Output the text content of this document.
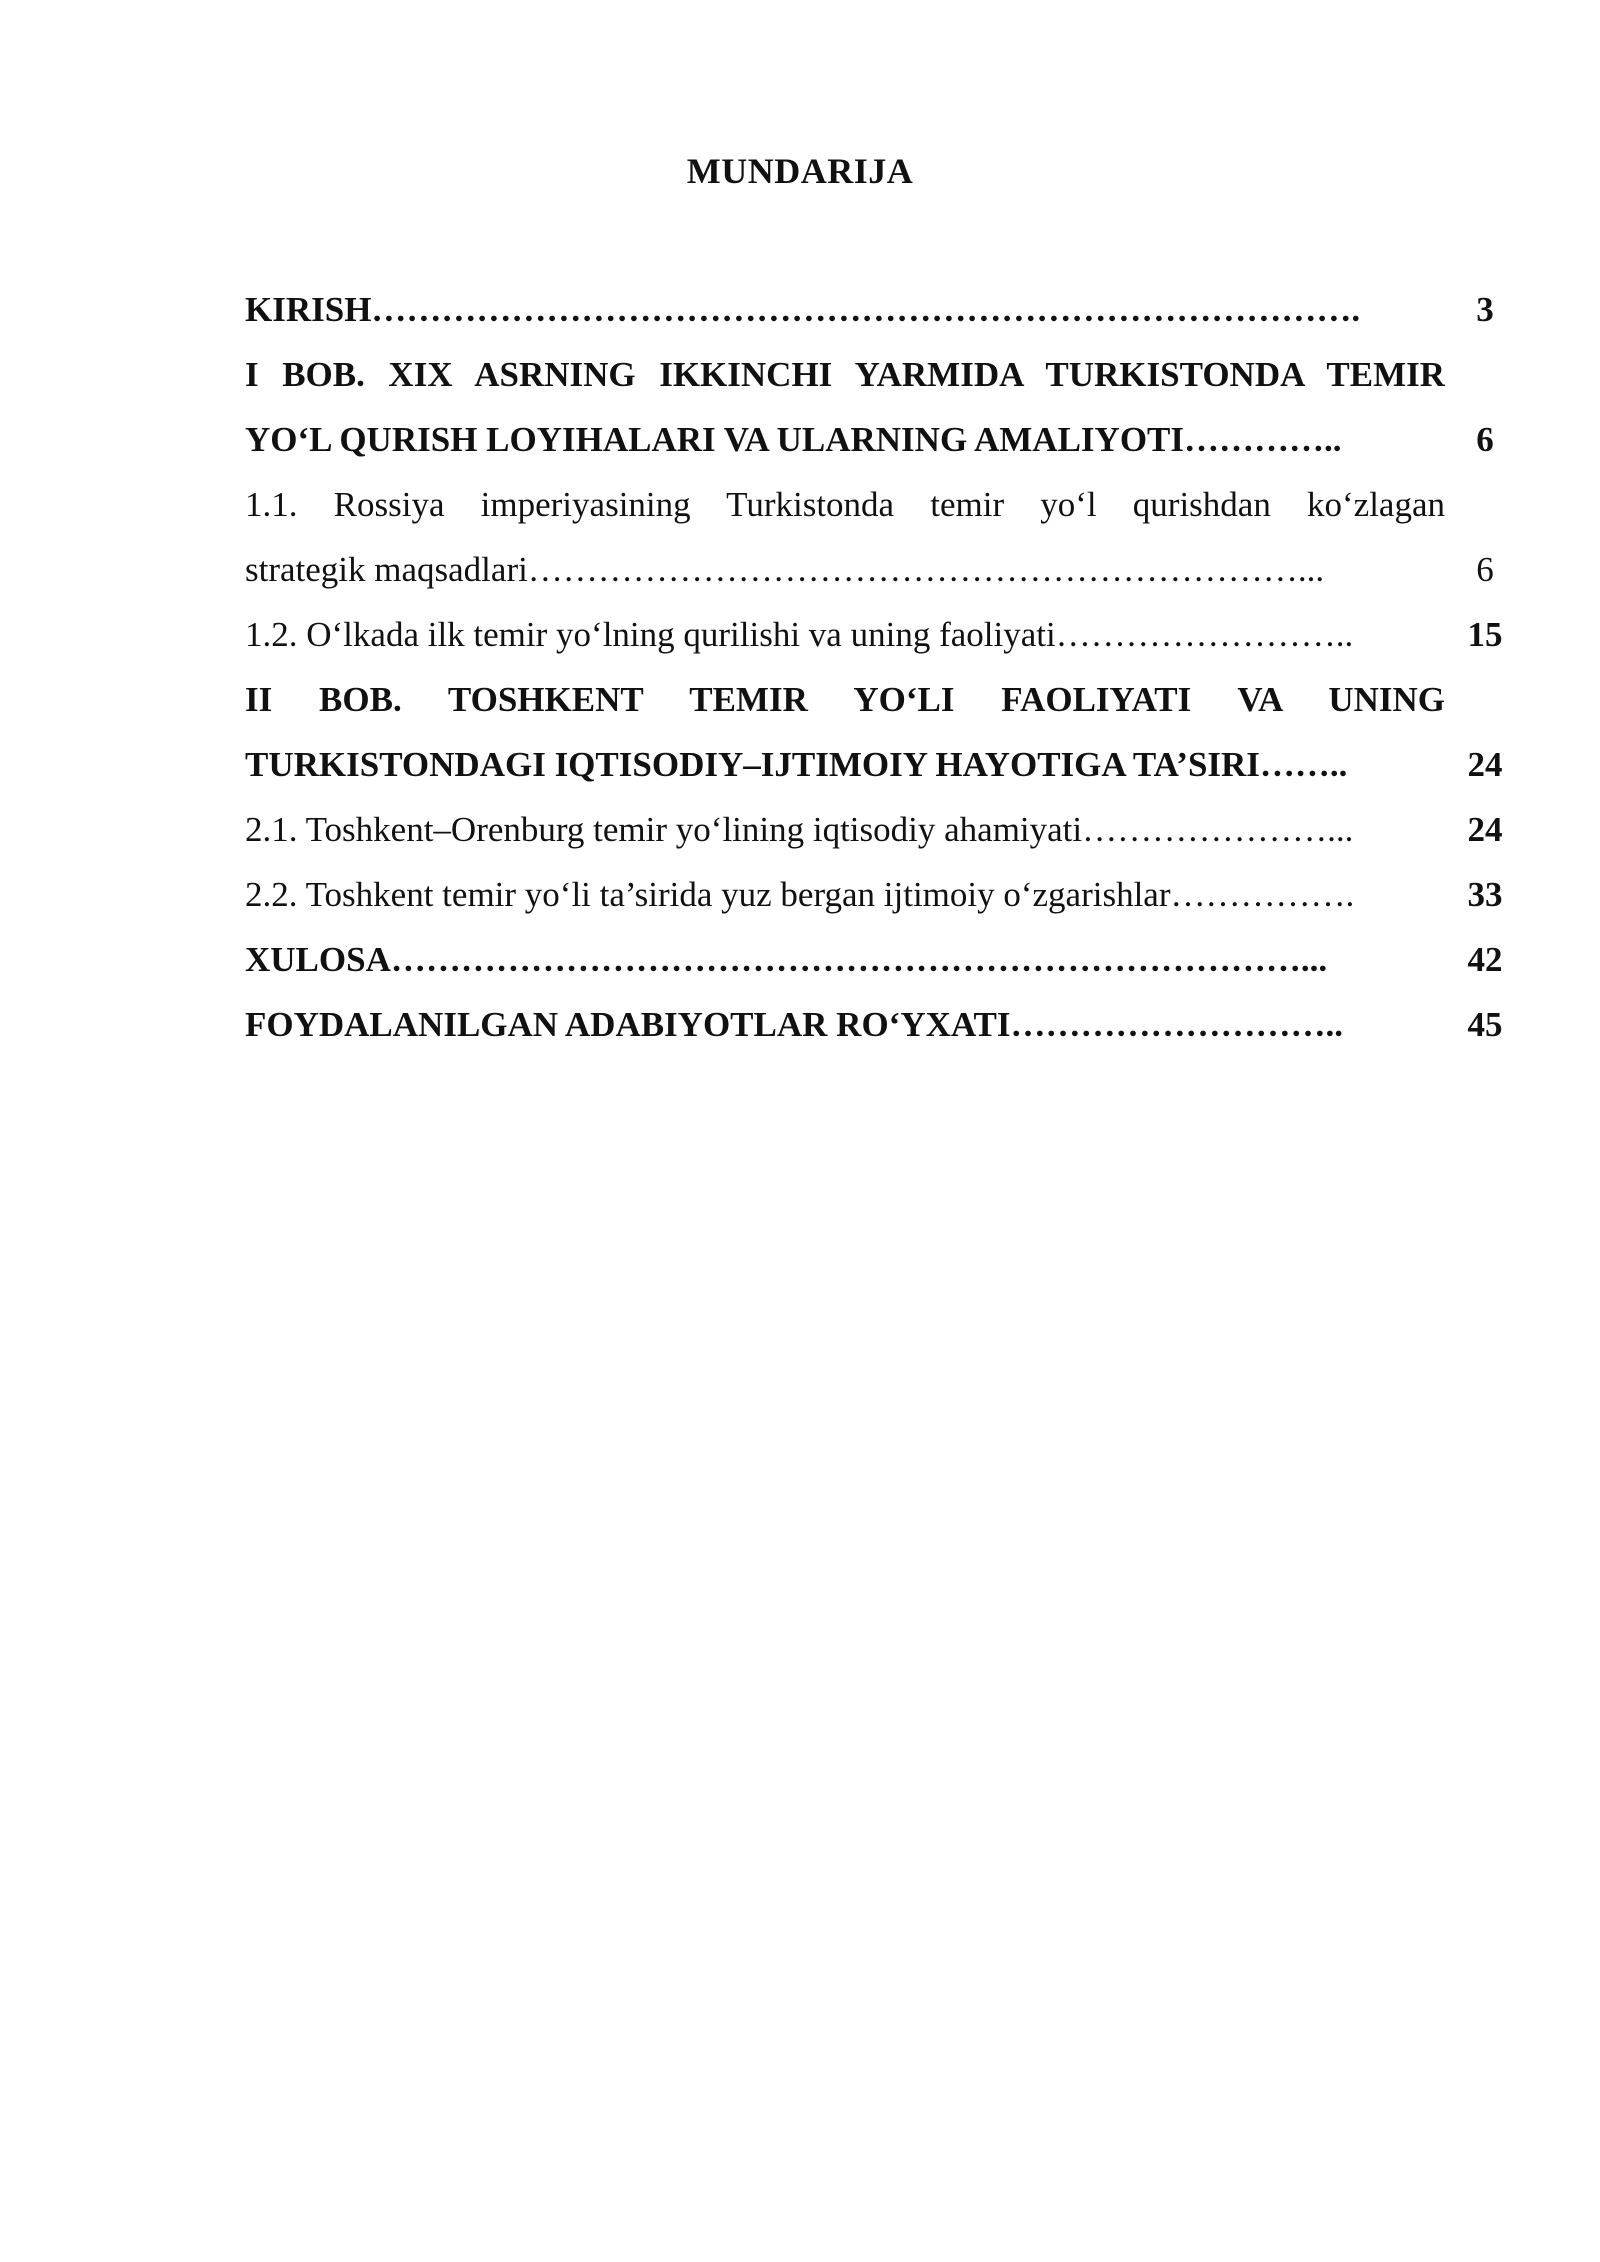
MUNDARIJA
KIRISH………………………………………………………………………….	3
I BOB. XIX ASRNING IKKINCHI YARMIDA TURKISTONDA TEMIR
YO‘L QURISH LOYIHALARI VA ULARNING AMALIYOTI…………..	6
1.1. Rossiya imperiyasining Turkistonda temir yo‘l qurishdan ko‘zlagan
strategik maqsadlari…………………………………………………………...	6
1.2. O‘lkada ilk temir yo‘lning qurilishi va uning faoliyati……………………..	15
II BOB. TOSHKENT TEMIR YO‘LI FAOLIYATI VA UNING
TURKISTONDAGI IQTISODIY–IJTIMOIY HAYOTIGA TA’SIRI……..	24
2.1. Toshkent–Orenburg temir yo‘lining iqtisodiy ahamiyati…………………...	24
2.2. Toshkent temir yo‘li ta’sirida yuz bergan ijtimoiy o‘zgarishlar…………….	33
XULOSA……………………………………………………………………...	42
FOYDALANILGAN ADABIYOTLAR RO‘YXATI………………………..	45
